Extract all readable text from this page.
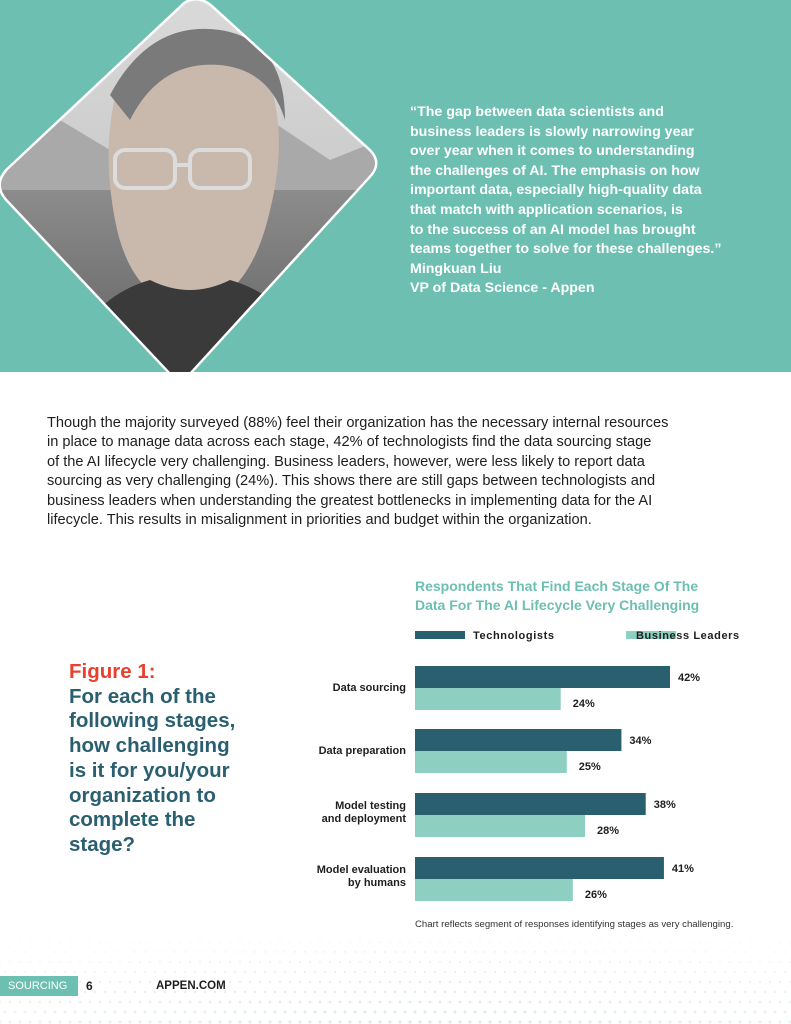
“The gap between data scientists and
business leaders is slowly narrowing year
over year when it comes to understanding
the challenges of AI. The emphasis on how
important data, especially high-quality data
that match with application scenarios, is
to the success of an AI model has brought
teams together to solve for these challenges.”
Mingkuan Liu
VP of Data Science - Appen
Though the majority surveyed (88%) feel their organization has the necessary internal resources
in place to manage data across each stage, 42% of technologists find the data sourcing stage
of the AI lifecycle very challenging. Business leaders, however, were less likely to report data
sourcing as very challenging (24%). This shows there are still gaps between technologists and
business leaders when understanding the greatest bottlenecks in implementing data for the AI
lifecycle. This results in misalignment in priorities and budget within the organization.
Figure 1:
For each of the
following stages,
how challenging
is it for you/your
organization to
complete the
stage?
Respondents That Find Each Stage Of The
Data For The AI Lifecycle Very Challenging
Technologists	Business Leaders
42%
24%
Data sourcing
34%
25%
Data preparation
38%
28%
Model testing
and deployment
41%
26%
Model evaluation
by humans
Chart reflects segment of responses identifying stages as very challenging.
SOURCING	6	APPEN.COM
